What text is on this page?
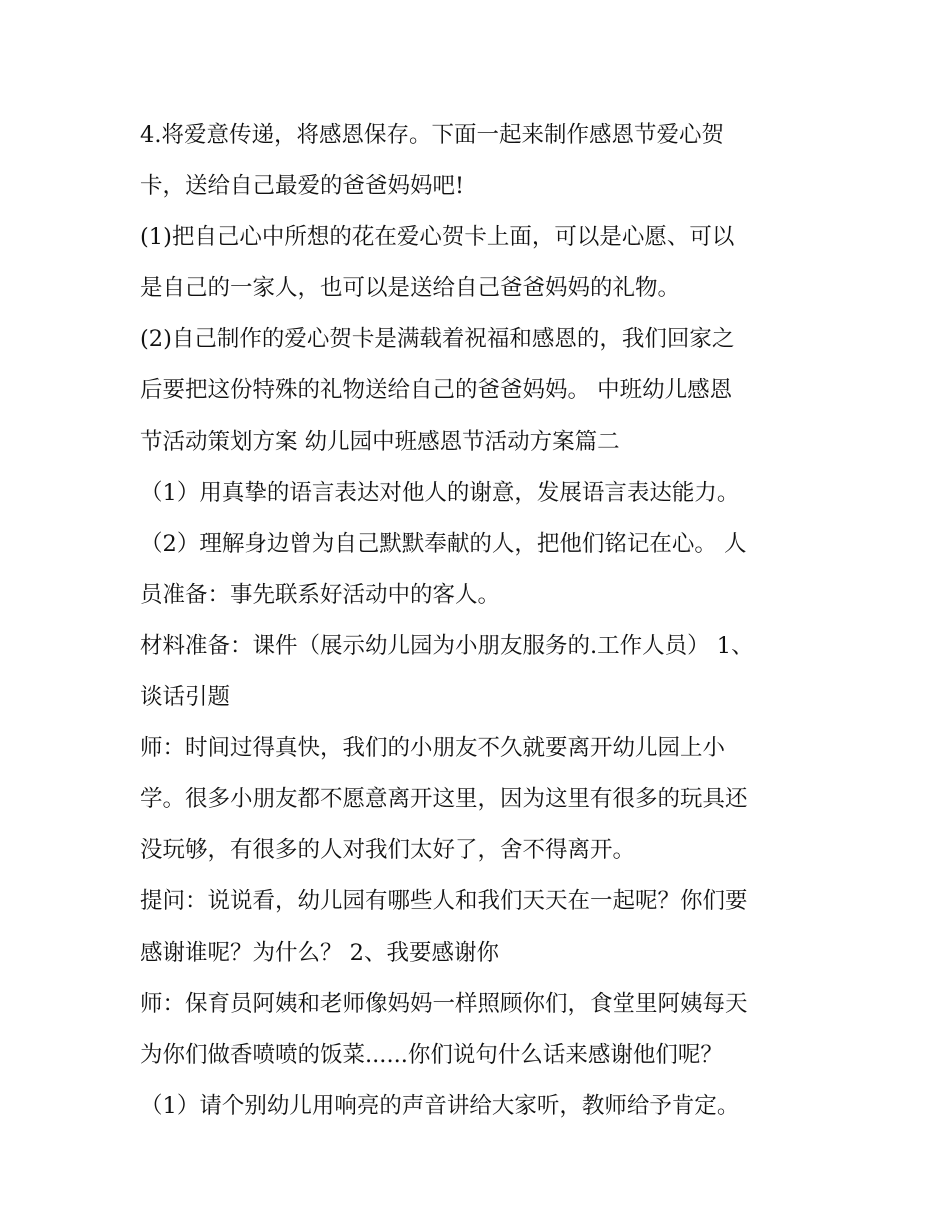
4.将爱意传递，将感恩保存。下面一起来制作感恩节爱心贺
卡，送给自己最爱的爸爸妈妈吧!
(1)把自己心中所想的花在爱心贺卡上面，可以是心愿、可以
是自己的一家人，也可以是送给自己爸爸妈妈的礼物。
(2)自己制作的爱心贺卡是满载着祝福和感恩的，我们回家之
后要把这份特殊的礼物送给自己的爸爸妈妈。 中班幼儿感恩
节活动策划方案 幼儿园中班感恩节活动方案篇二
（1）用真挚的语言表达对他人的谢意，发展语言表达能力。
（2）理解身边曾为自己默默奉献的人，把他们铭记在心。 人
员准备：事先联系好活动中的客人。
材料准备：课件（展示幼儿园为小朋友服务的.工作人员） 1、
谈话引题
师：时间过得真快，我们的小朋友不久就要离开幼儿园上小
学。很多小朋友都不愿意离开这里，因为这里有很多的玩具还
没玩够，有很多的人对我们太好了，舍不得离开。
提问：说说看，幼儿园有哪些人和我们天天在一起呢？你们要
感谢谁呢？为什么？ 2、我要感谢你
师：保育员阿姨和老师像妈妈一样照顾你们，食堂里阿姨每天
为你们做香喷喷的饭菜......你们说句什么话来感谢他们呢？
（1）请个别幼儿用响亮的声音讲给大家听，教师给予肯定。
